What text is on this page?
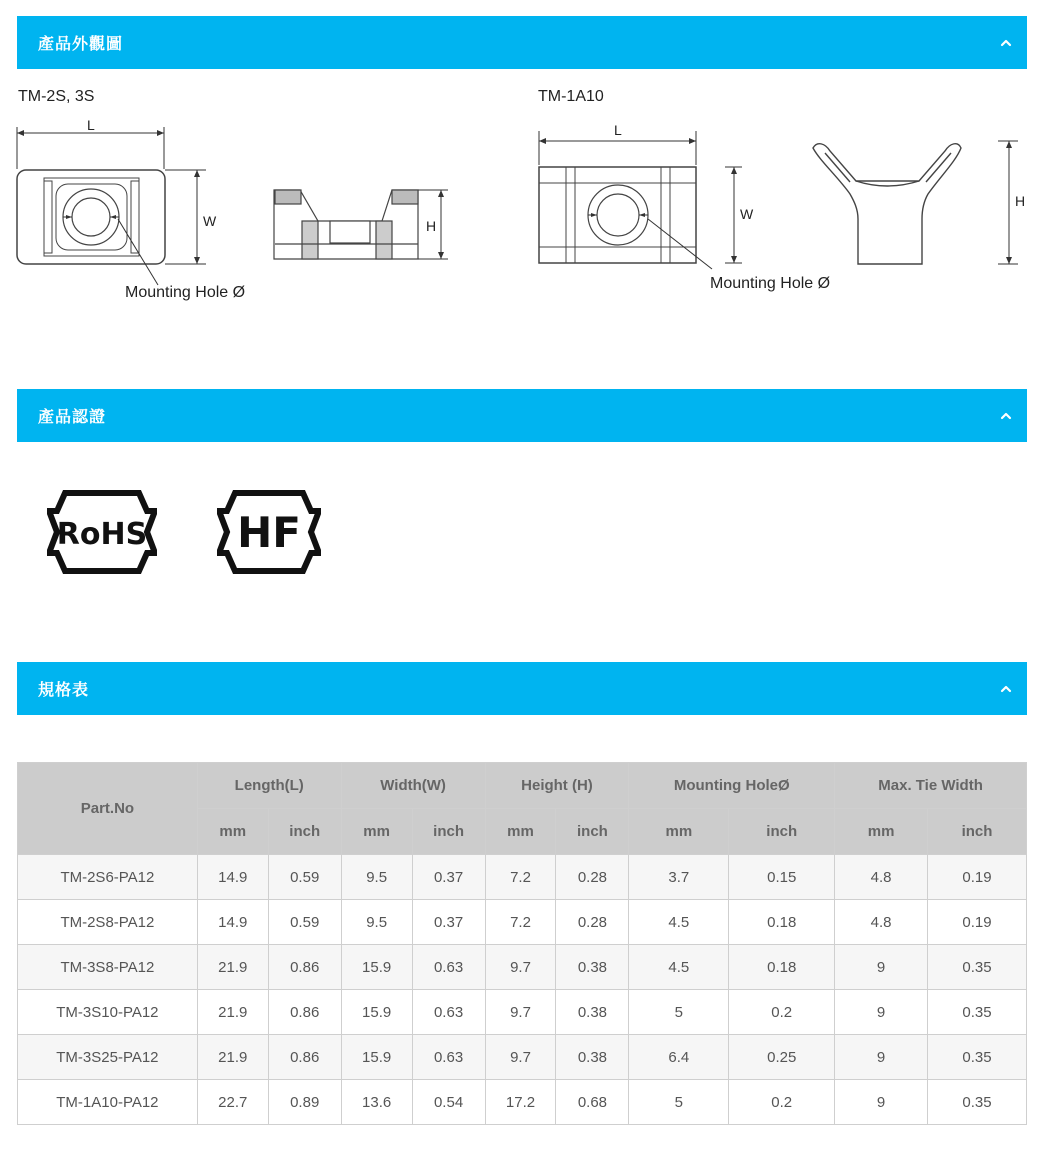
產品外觀圖
TM-2S, 3S
L
W
Mounting Hole Ø
H
TM-1A10
L
W
Mounting Hole Ø
H
產品認證
RoHS HF
規格表
Part.No	Length(L)		Width(W)		Height (H)		Mounting HoleØ		Max. Tie Width	
	mm	inch	mm	inch	mm	inch	mm	inch	mm	inch
TM-2S6-PA12	14.9	0.59	9.5	0.37	7.2	0.28	3.7	0.15	4.8	0.19
TM-2S8-PA12	14.9	0.59	9.5	0.37	7.2	0.28	4.5	0.18	4.8	0.19
TM-3S8-PA12	21.9	0.86	15.9	0.63	9.7	0.38	4.5	0.18	9	0.35
TM-3S10-PA12	21.9	0.86	15.9	0.63	9.7	0.38	5	0.2	9	0.35
TM-3S25-PA12	21.9	0.86	15.9	0.63	9.7	0.38	6.4	0.25	9	0.35
TM-1A10-PA12	22.7	0.89	13.6	0.54	17.2	0.68	5	0.2	9	0.35
